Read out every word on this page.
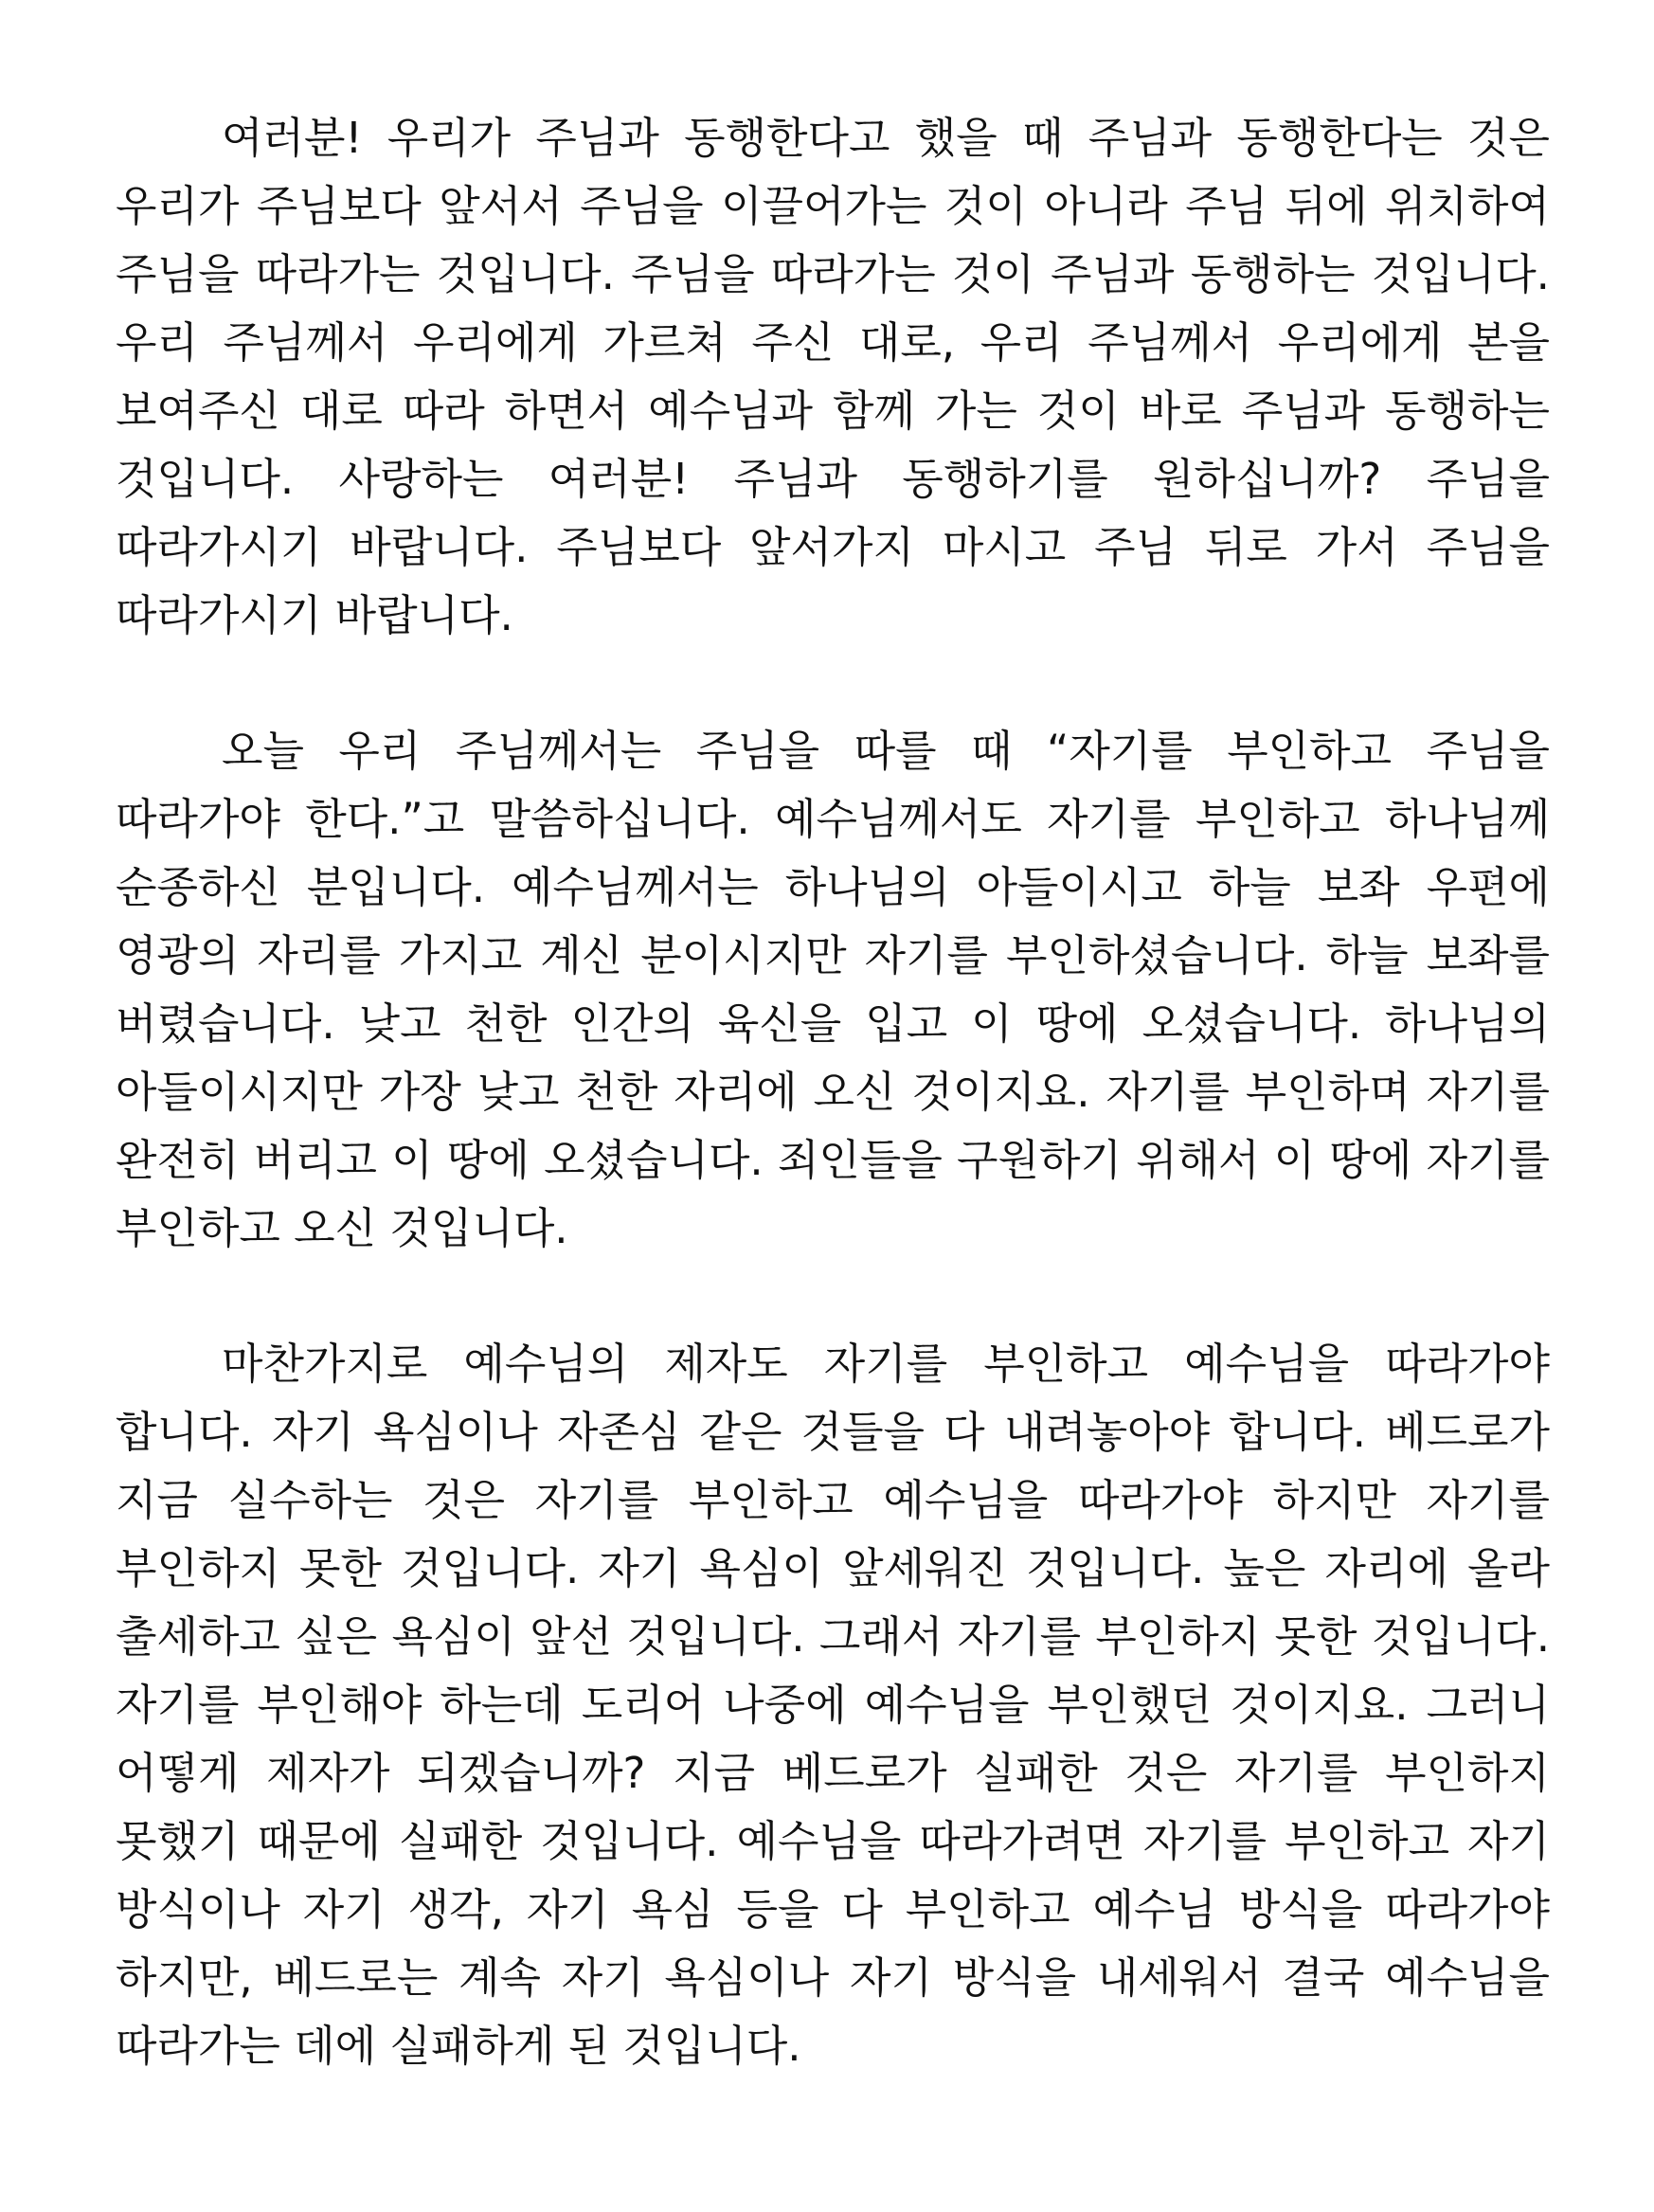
여러분! 우리가 주님과 동행한다고 했을 때 주님과 동행한다는 것은 우리가 주님보다 앞서서 주님을 이끌어가는 것이 아니라 주님 뒤에 위치하여 주님을 따라가는 것입니다. 주님을 따라가는 것이 주님과 동행하는 것입니다. 우리 주님께서 우리에게 가르쳐 주신 대로, 우리 주님께서 우리에게 본을 보여주신 대로 따라 하면서 예수님과 함께 가는 것이 바로 주님과 동행하는 것입니다. 사랑하는 여러분! 주님과 동행하기를 원하십니까? 주님을 따라가시기 바랍니다. 주님보다 앞서가지 마시고 주님 뒤로 가서 주님을 따라가시기 바랍니다.

오늘 우리 주님께서는 주님을 따를 때 “자기를 부인하고 주님을 따라가야 한다.”고 말씀하십니다. 예수님께서도 자기를 부인하고 하나님께 순종하신 분입니다. 예수님께서는 하나님의 아들이시고 하늘 보좌 우편에 영광의 자리를 가지고 계신 분이시지만 자기를 부인하셨습니다. 하늘 보좌를 버렸습니다. 낮고 천한 인간의 육신을 입고 이 땅에 오셨습니다. 하나님의 아들이시지만 가장 낮고 천한 자리에 오신 것이지요. 자기를 부인하며 자기를 완전히 버리고 이 땅에 오셨습니다. 죄인들을 구원하기 위해서 이 땅에 자기를 부인하고 오신 것입니다.

마찬가지로 예수님의 제자도 자기를 부인하고 예수님을 따라가야 합니다. 자기 욕심이나 자존심 같은 것들을 다 내려놓아야 합니다. 베드로가 지금 실수하는 것은 자기를 부인하고 예수님을 따라가야 하지만 자기를 부인하지 못한 것입니다. 자기 욕심이 앞세워진 것입니다. 높은 자리에 올라 출세하고 싶은 욕심이 앞선 것입니다. 그래서 자기를 부인하지 못한 것입니다. 자기를 부인해야 하는데 도리어 나중에 예수님을 부인했던 것이지요. 그러니 어떻게 제자가 되겠습니까? 지금 베드로가 실패한 것은 자기를 부인하지 못했기 때문에 실패한 것입니다. 예수님을 따라가려면 자기를 부인하고 자기 방식이나 자기 생각, 자기 욕심 등을 다 부인하고 예수님 방식을 따라가야 하지만, 베드로는 계속 자기 욕심이나 자기 방식을 내세워서 결국 예수님을 따라가는 데에 실패하게 된 것입니다.
